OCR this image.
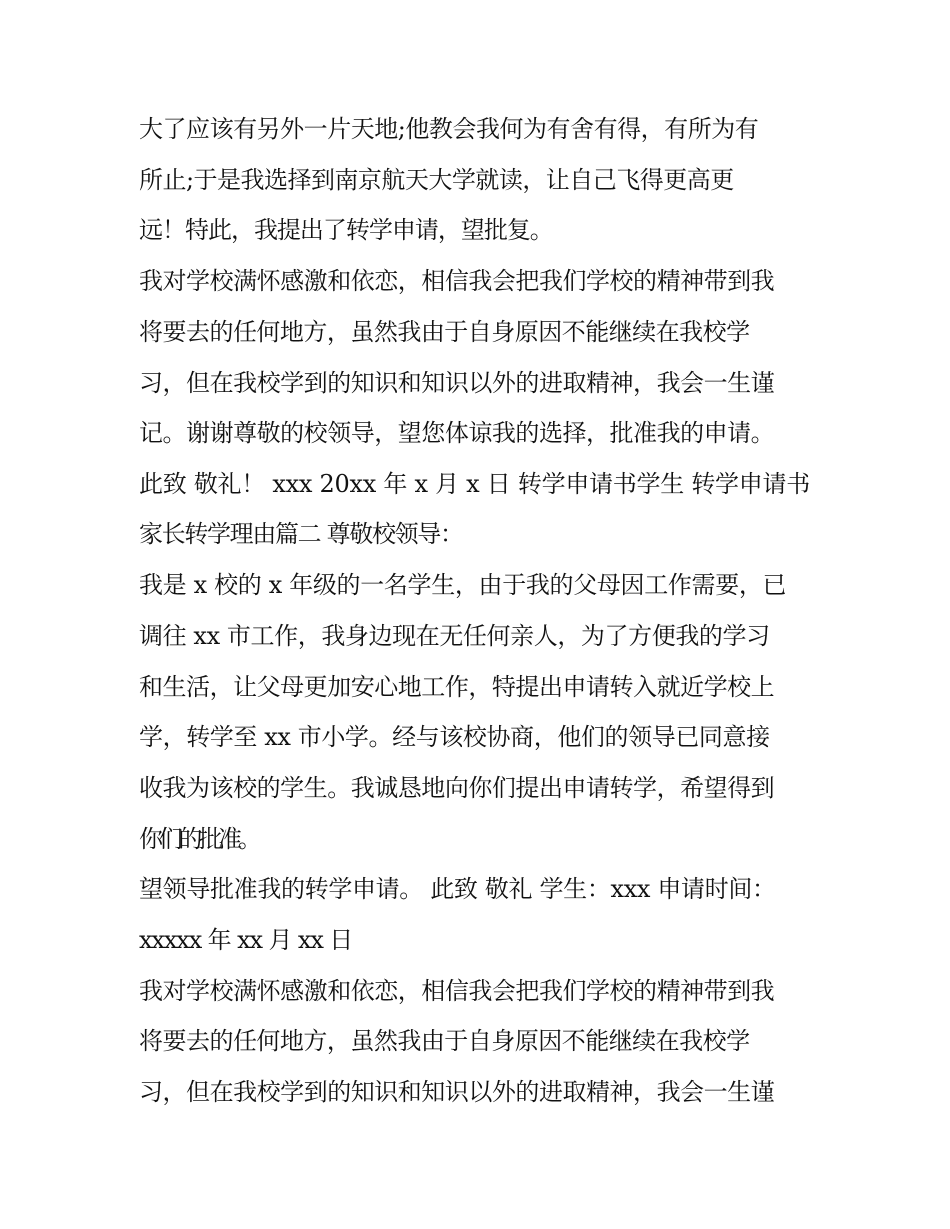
大了应该有另外一片天地;他教会我何为有舍有得，有所为有
所止;于是我选择到南京航天大学就读，让自己飞得更高更
远！特此，我提出了转学申请，望批复。
我对学校满怀感激和依恋，相信我会把我们学校的精神带到我
将要去的任何地方，虽然我由于自身原因不能继续在我校学
习，但在我校学到的知识和知识以外的进取精神，我会一生谨
记。谢谢尊敬的校领导，望您体谅我的选择，批准我的申请。
此致 敬礼！ xxx 20xx 年 x 月 x 日 转学申请书学生 转学申请书
家长转学理由篇二 尊敬校领导：
我是 x 校的 x 年级的一名学生，由于我的父母因工作需要，已
调往 xx 市工作，我身边现在无任何亲人，为了方便我的学习
和生活，让父母更加安心地工作，特提出申请转入就近学校上
学，转学至 xx 市小学。经与该校协商，他们的领导已同意接
收我为该校的学生。我诚恳地向你们提出申请转学，希望得到
你们的批准。
望领导批准我的转学申请。 此致 敬礼 学生：xxx 申请时间：
xxxxx 年 xx 月 xx 日
我对学校满怀感激和依恋，相信我会把我们学校的精神带到我
将要去的任何地方，虽然我由于自身原因不能继续在我校学
习，但在我校学到的知识和知识以外的进取精神，我会一生谨
